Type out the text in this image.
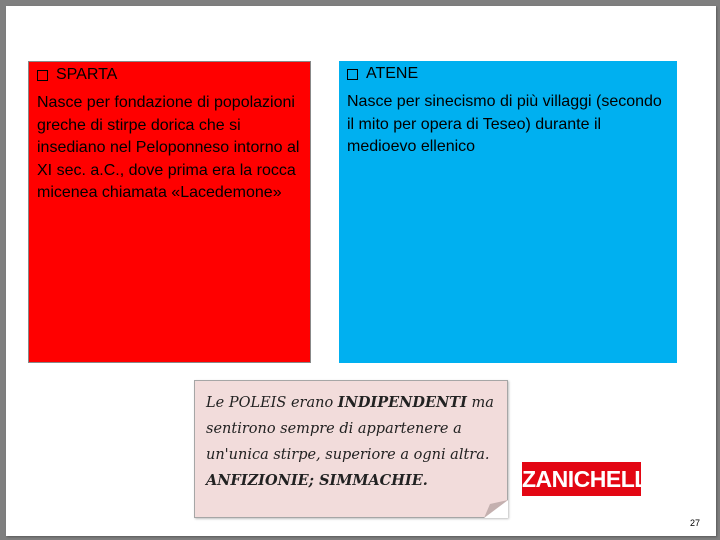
SPARTA

Nasce per fondazione di popolazioni greche di stirpe dorica che si insediano nel Peloponneso intorno al XI sec. a.C., dove prima era la rocca micenea chiamata «Lacedemone»

ATENE

Nasce per sinecismo di più villaggi (secondo il mito per opera di Teseo) durante il medioevo ellenico

Le POLEIS erano INDIPENDENTI ma sentirono sempre di appartenere a un'unica stirpe, superiore a ogni altra. ANFIZIONIE; SIMMACHIE.	ZANICHELLI
27
